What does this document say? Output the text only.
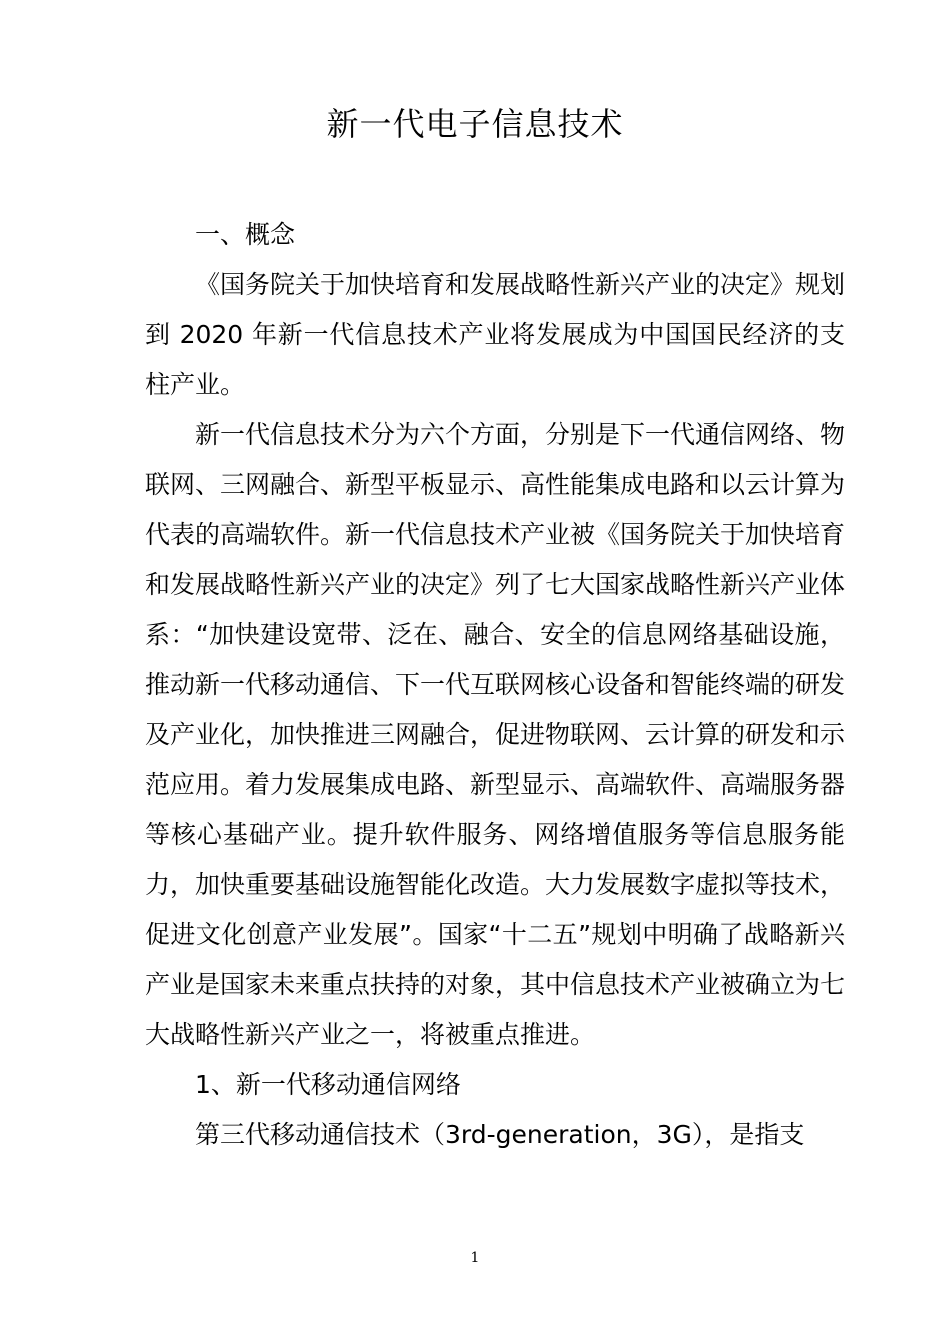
新一代电子信息技术
一、概念

《国务院关于加快培育和发展战略性新兴产业的决定》规划到 2020 年新一代信息技术产业将发展成为中国国民经济的支柱产业。

新一代信息技术分为六个方面，分别是下一代通信网络、物联网、三网融合、新型平板显示、高性能集成电路和以云计算为代表的高端软件。新一代信息技术产业被《国务院关于加快培育和发展战略性新兴产业的决定》列了七大国家战略性新兴产业体系：“加快建设宽带、泛在、融合、安全的信息网络基础设施，推动新一代移动通信、下一代互联网核心设备和智能终端的研发及产业化，加快推进三网融合，促进物联网、云计算的研发和示范应用。着力发展集成电路、新型显示、高端软件、高端服务器等核心基础产业。提升软件服务、网络增值服务等信息服务能力，加快重要基础设施智能化改造。大力发展数字虚拟等技术，促进文化创意产业发展”。国家“十二五”规划中明确了战略新兴产业是国家未来重点扶持的对象，其中信息技术产业被确立为七大战略性新兴产业之一，将被重点推进。

1、新一代移动通信网络

第三代移动通信技术（3rd-generation，3G），是指支

1
